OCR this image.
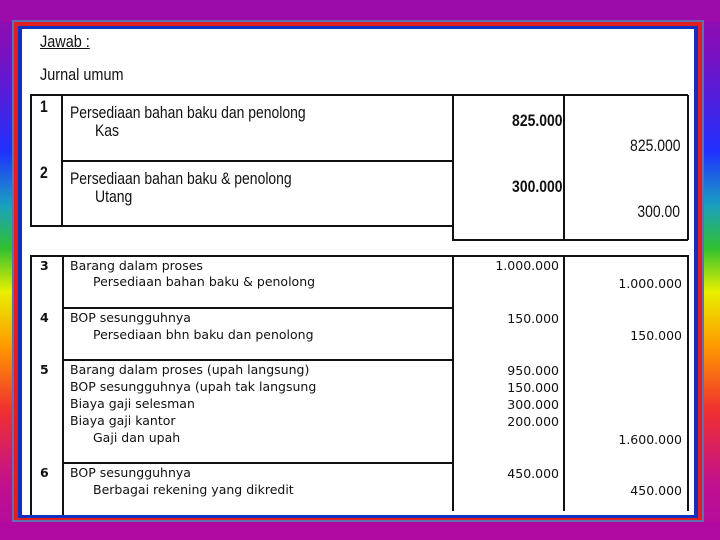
Jawab :
Jurnal umum
1 Persediaan bahan baku dan penolong
Kas
825.000
825.000
2 Persediaan bahan baku & penolong
Utang
300.000
300.00
3 Barang dalam proses
Persediaan bahan baku & penolong
1.000.000
1.000.000
4 BOP sesungguhnya
Persediaan bhn baku dan penolong
150.000
150.000
5 Barang dalam proses (upah langsung)
BOP sesungguhnya (upah tak langsung
Biaya gaji selesman
Biaya gaji kantor
Gaji dan upah
950.000
150.000
300.000
200.000
1.600.000
6 BOP sesungguhnya
Berbagai rekening yang dikredit
450.000
450.000
